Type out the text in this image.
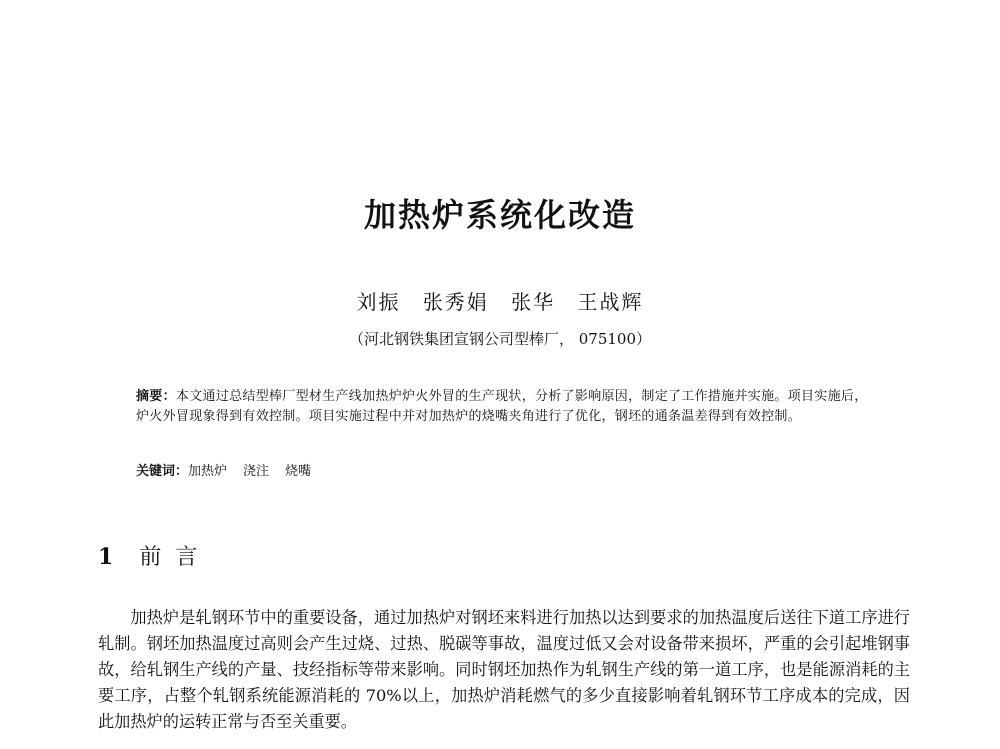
加热炉系统化改造
刘振 张秀娟 张华 王战辉
（河北钢铁集团宣钢公司型棒厂， 075100）
摘要：本文通过总结型棒厂型材生产线加热炉炉火外冒的生产现状，分析了影响原因，制定了工作措施并实施。项目实施后，炉火外冒现象得到有效控制。项目实施过程中并对加热炉的烧嘴夹角进行了优化，钢坯的通条温差得到有效控制。
关键词：加热炉 浇注 烧嘴
1 前言

加热炉是轧钢环节中的重要设备，通过加热炉对钢坯来料进行加热以达到要求的加热温度后送往下道工序进行轧制。钢坯加热温度过高则会产生过烧、过热、脱碳等事故，温度过低又会对设备带来损坏，严重的会引起堆钢事故，给轧钢生产线的产量、技经指标等带来影响。同时钢坯加热作为轧钢生产线的第一道工序，也是能源消耗的主要工序，占整个轧钢系统能源消耗的 70%以上，加热炉消耗燃气的多少直接影响着轧钢环节工序成本的完成，因此加热炉的运转正常与否至关重要。
